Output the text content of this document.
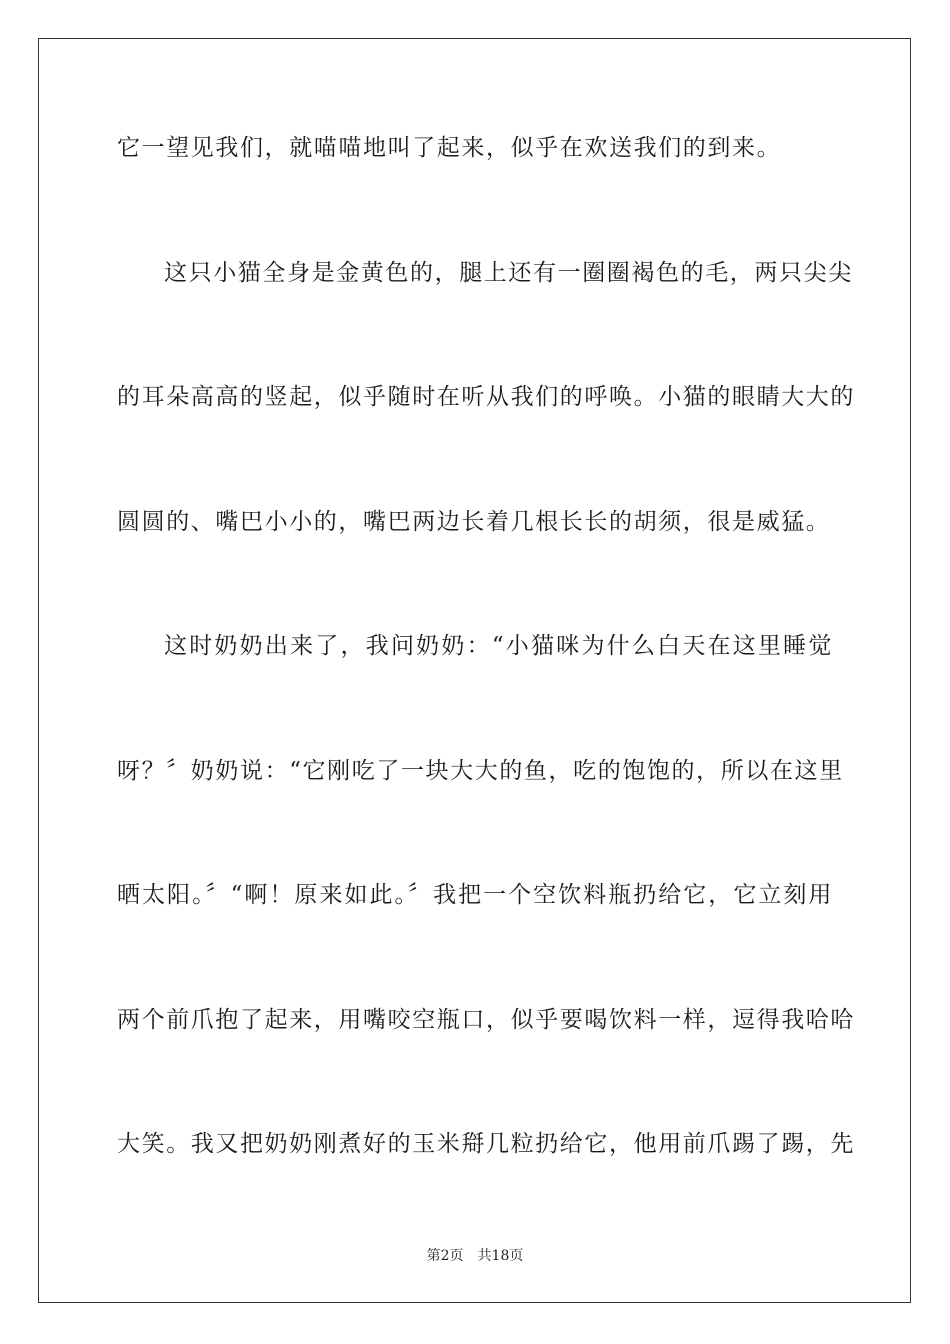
它一望见我们，就喵喵地叫了起来，似乎在欢送我们的到来。
这只小猫全身是金黄色的，腿上还有一圈圈褐色的毛，两只尖尖
的耳朵高高的竖起，似乎随时在听从我们的呼唤。小猫的眼睛大大的
圆圆的、嘴巴小小的，嘴巴两边长着几根长长的胡须，很是威猛。
这时奶奶出来了，我问奶奶：“小猫咪为什么白天在这里睡觉
呀？〞奶奶说：“它刚吃了一块大大的鱼，吃的饱饱的，所以在这里
晒太阳。〞“啊！原来如此。〞我把一个空饮料瓶扔给它，它立刻用
两个前爪抱了起来，用嘴咬空瓶口，似乎要喝饮料一样，逗得我哈哈
大笑。我又把奶奶刚煮好的玉米搿几粒扔给它，他用前爪踢了踢，先
第2页 共18页
